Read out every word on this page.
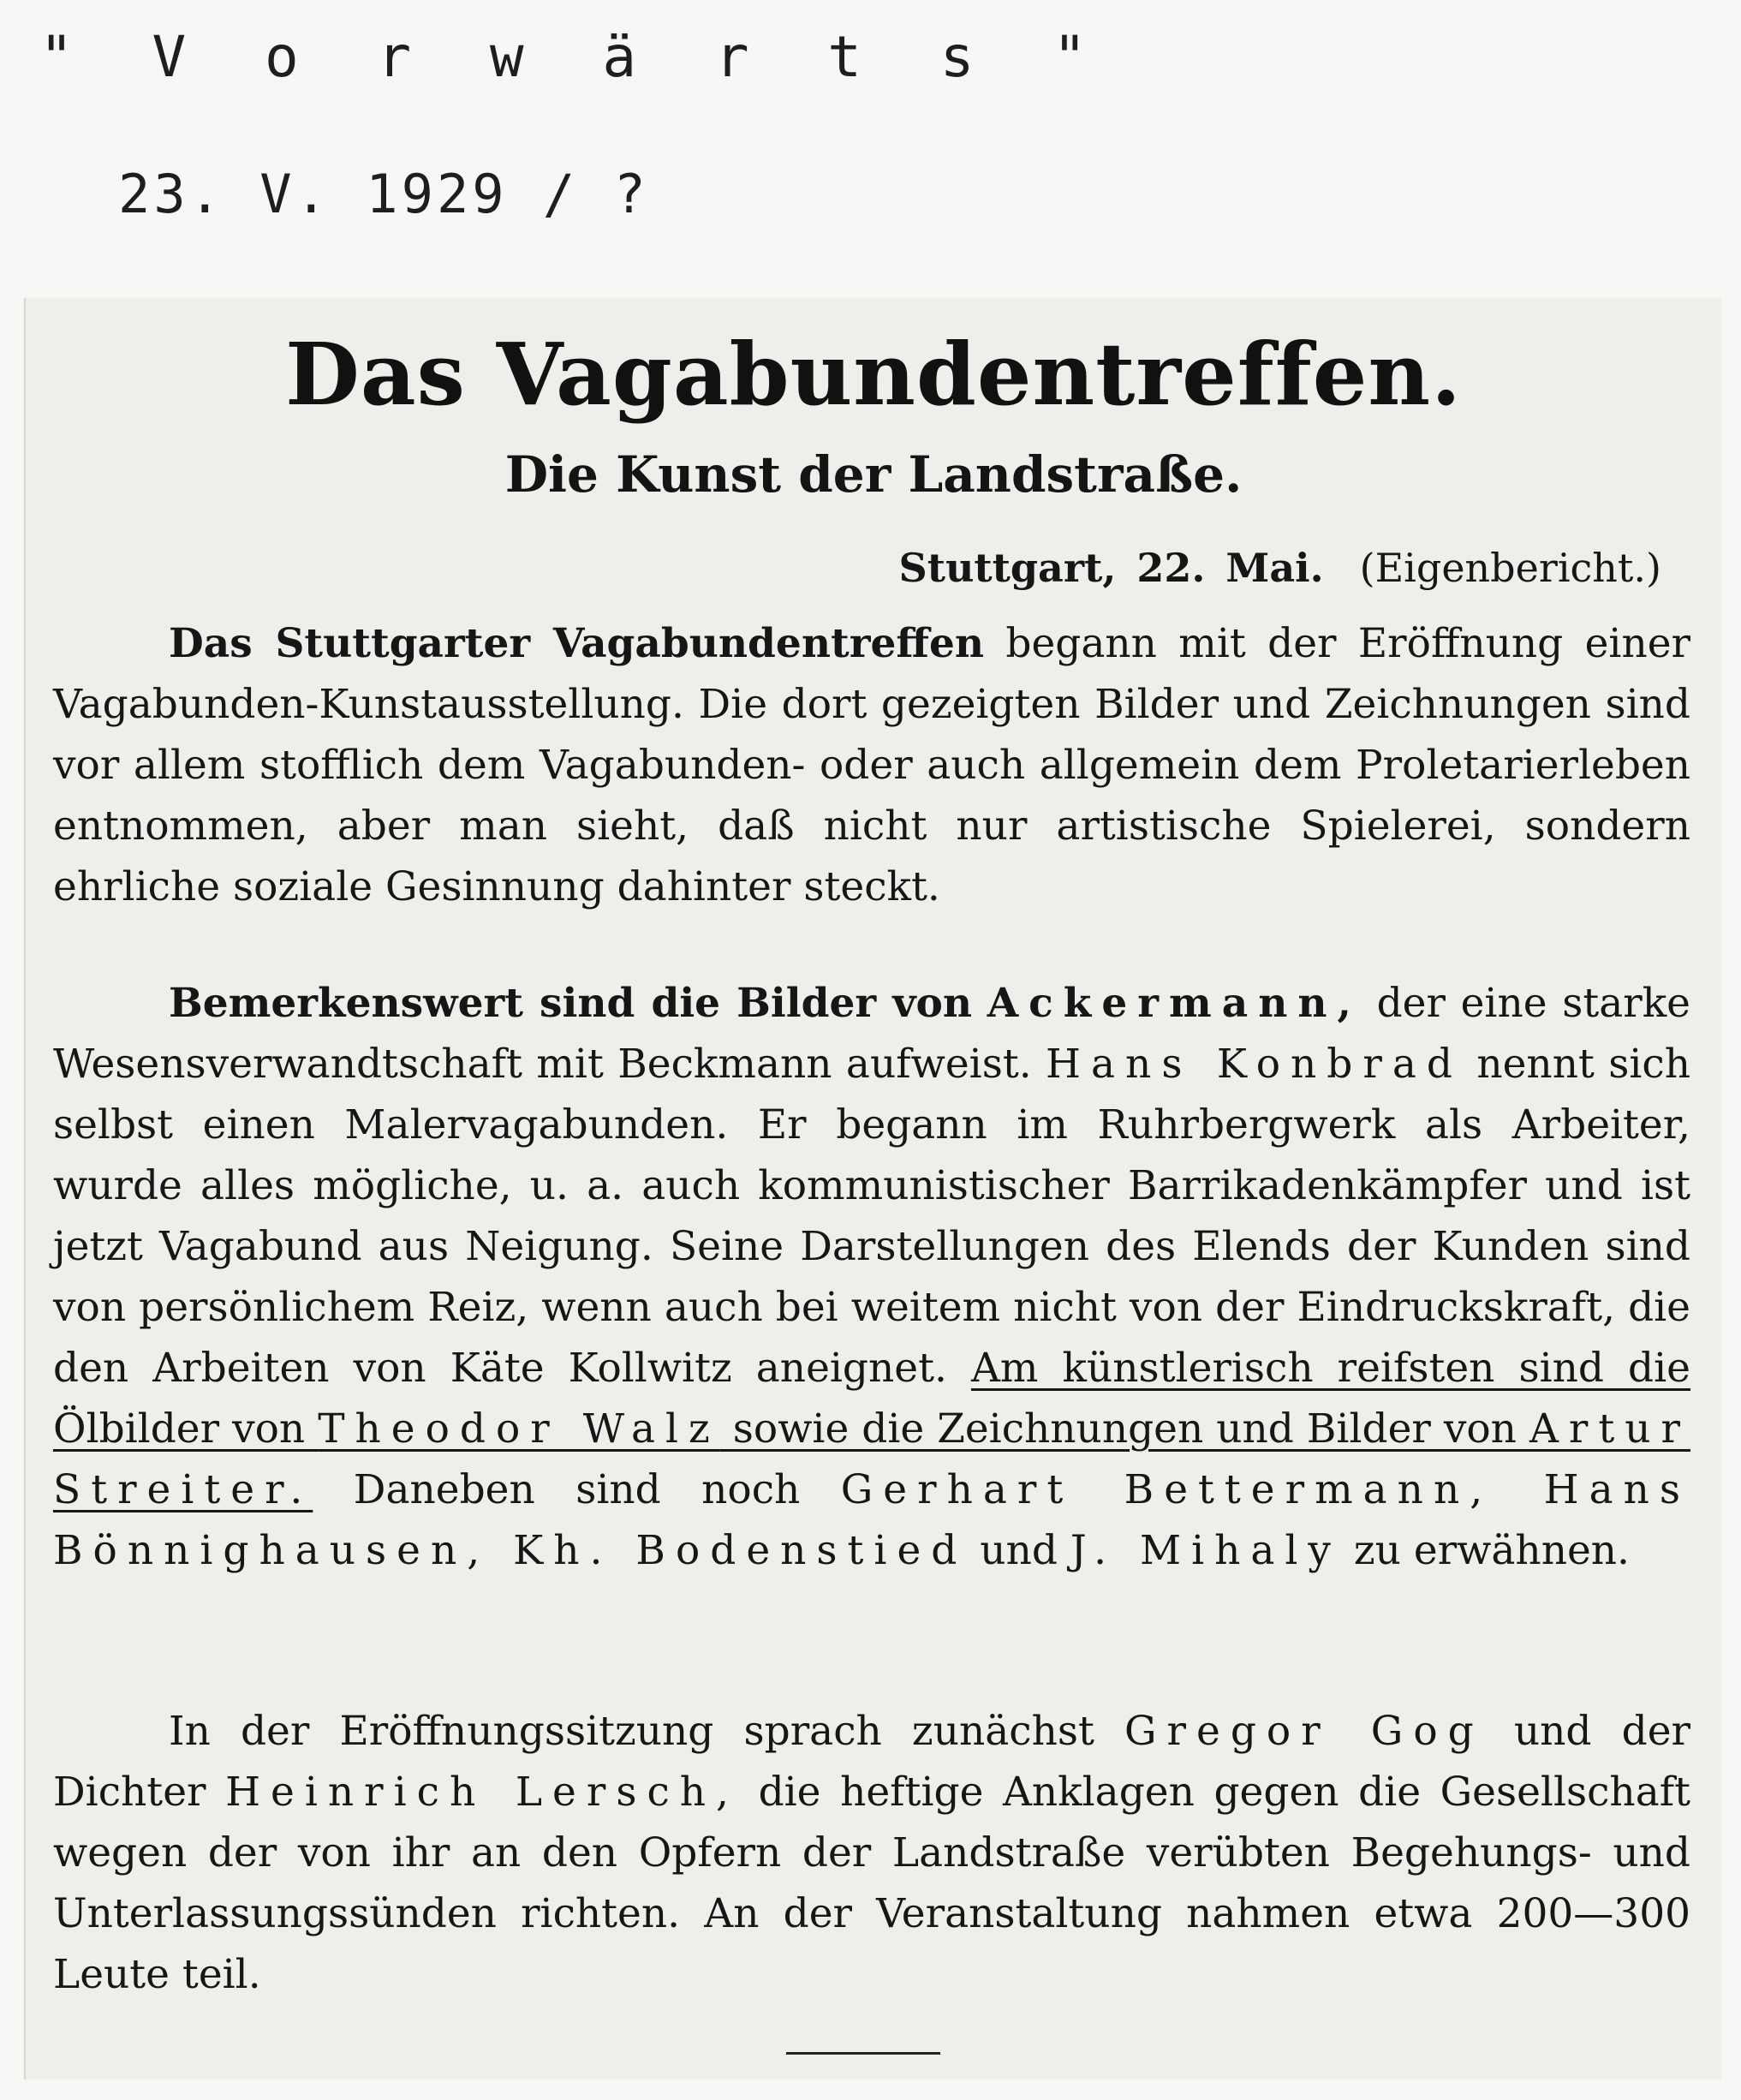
" V o r w ä r t s "
23. V. 1929 / ?
Das Vagabundentreffen.
Die Kunst der Landstraße.
Stuttgart, 22. Mai. (Eigenbericht.)

Das Stuttgarter Vagabundentreffen begann mit der Eröffnung einer Vagabunden-Kunstausstellung. Die dort gezeigten Bilder und Zeichnungen sind vor allem stofflich dem Vagabunden- oder auch allgemein dem Proletarierleben entnommen, aber man sieht, daß nicht nur artistische Spielerei, sondern ehrliche soziale Gesinnung dahinter steckt.

Bemerkenswert sind die Bilder von Ackermann, der eine starke Wesensverwandtschaft mit Beckmann aufweist. Hans Konbrad nennt sich selbst einen Malervagabunden. Er begann im Ruhrbergwerk als Arbeiter, wurde alles mögliche, u. a. auch kommunistischer Barrikadenkämpfer und ist jetzt Vagabund aus Neigung. Seine Darstellungen des Elends der Kunden sind von persönlichem Reiz, wenn auch bei weitem nicht von der Eindruckskraft, die den Arbeiten von Käte Kollwitz aneignet. Am künstlerisch reifsten sind die Ölbilder von Theodor Walz sowie die Zeichnungen und Bilder von Artur Streiter. Daneben sind noch Gerhart Bettermann, Hans Bönnighausen, Kh. Bodenstied und J. Mihaly zu erwähnen.

In der Eröffnungssitzung sprach zunächst Gregor Gog und der Dichter Heinrich Lersch, die heftige Anklagen gegen die Gesellschaft wegen der von ihr an den Opfern der Landstraße verübten Begehungs- und Unterlassungssünden richten. An der Veranstaltung nahmen etwa 200—300 Leute teil.
